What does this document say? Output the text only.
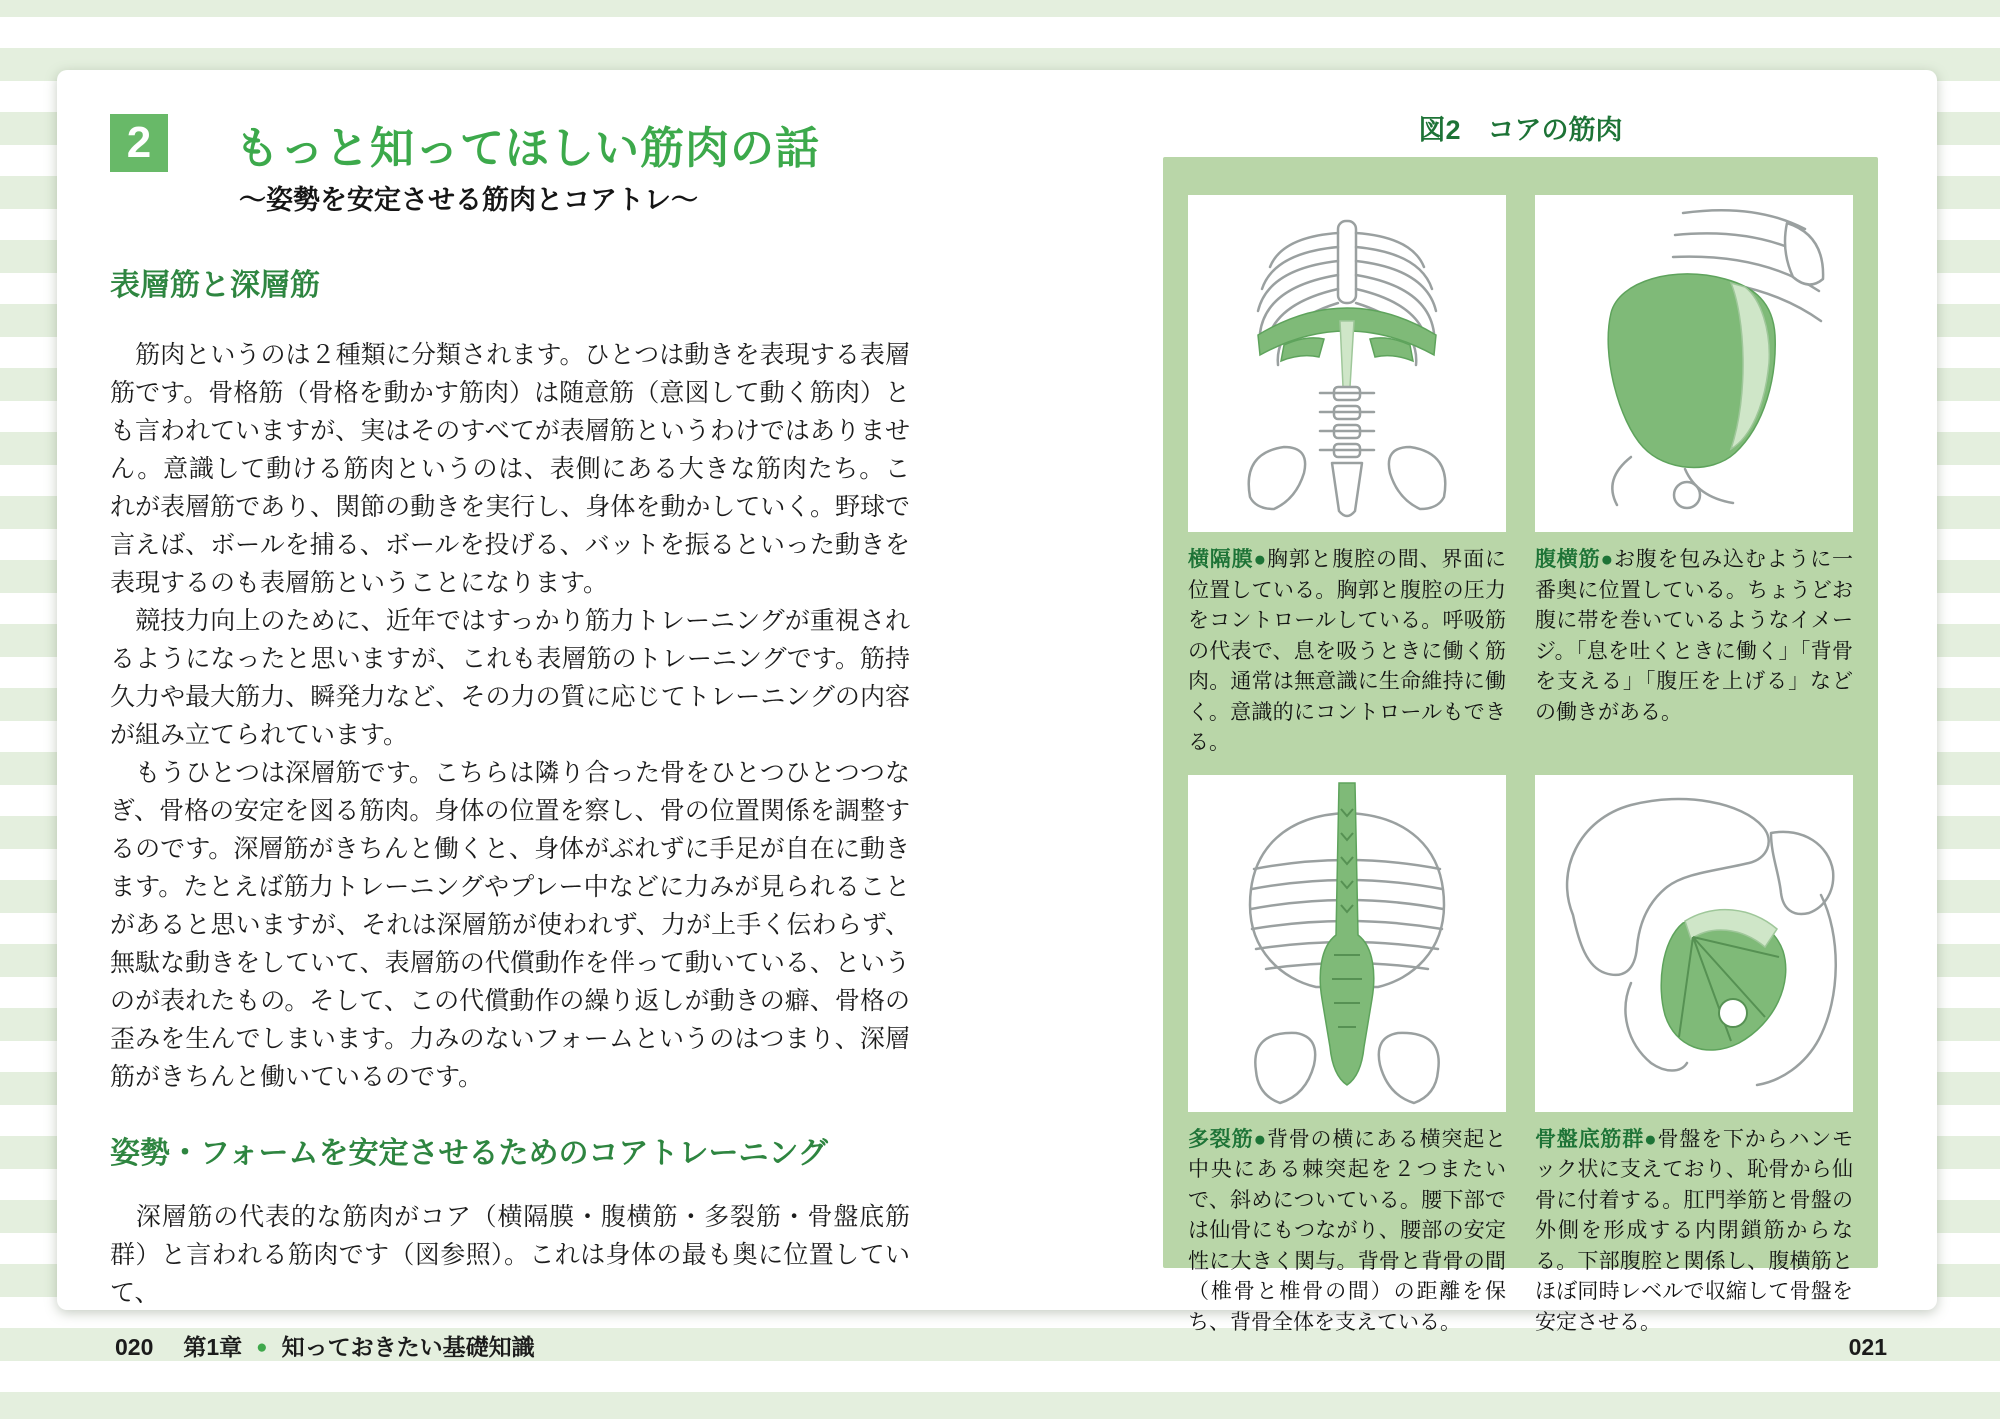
2 もっと知ってほしい筋肉の話
〜姿勢を安定させる筋肉とコアトレ〜
表層筋と深層筋

　筋肉というのは２種類に分類されます。ひとつは動きを表現する表層筋です。骨格筋（骨格を動かす筋肉）は随意筋（意図して動く筋肉）とも言われていますが、実はそのすべてが表層筋というわけではありません。意識して動ける筋肉というのは、表側にある大きな筋肉たち。これが表層筋であり、関節の動きを実行し、身体を動かしていく。野球で言えば、ボールを捕る、ボールを投げる、バットを振るといった動きを表現するのも表層筋ということになります。

　競技力向上のために、近年ではすっかり筋力トレーニングが重視されるようになったと思いますが、これも表層筋のトレーニングです。筋持久力や最大筋力、瞬発力など、その力の質に応じてトレーニングの内容が組み立てられています。

　もうひとつは深層筋です。こちらは隣り合った骨をひとつひとつつなぎ、骨格の安定を図る筋肉。身体の位置を察し、骨の位置関係を調整するのです。深層筋がきちんと働くと、身体がぶれずに手足が自在に動きます。たとえば筋力トレーニングやプレー中などに力みが見られることがあると思いますが、それは深層筋が使われず、力が上手く伝わらず、無駄な動きをしていて、表層筋の代償動作を伴って動いている、というのが表れたもの。そして、この代償動作の繰り返しが動きの癖、骨格の歪みを生んでしまいます。力みのないフォームというのはつまり、深層筋がきちんと働いているのです。

姿勢・フォームを安定させるためのコアトレーニング

　深層筋の代表的な筋肉がコア（横隔膜・腹横筋・多裂筋・骨盤底筋群）と言われる筋肉です（図参照）。これは身体の最も奥に位置していて、

図2　コアの筋肉

横隔膜●胸郭と腹腔の間、界面に位置している。胸郭と腹腔の圧力をコントロールしている。呼吸筋の代表で、息を吸うときに働く筋肉。通常は無意識に生命維持に働く。意識的にコントロールもできる。

腹横筋●お腹を包み込むように一番奥に位置している。ちょうどお腹に帯を巻いているようなイメージ。「息を吐くときに働く」「背骨を支える」「腹圧を上げる」などの働きがある。

多裂筋●背骨の横にある横突起と中央にある棘突起を２つまたいで、斜めについている。腰下部では仙骨にもつながり、腰部の安定性に大きく関与。背骨と背骨の間（椎骨と椎骨の間）の距離を保ち、背骨全体を支えている。

骨盤底筋群●骨盤を下からハンモック状に支えており、恥骨から仙骨に付着する。肛門挙筋と骨盤の外側を形成する内閉鎖筋からなる。下部腹腔と関係し、腹横筋とほぼ同時レベルで収縮して骨盤を安定させる。

020 第1章 ● 知っておきたい基礎知識	021
